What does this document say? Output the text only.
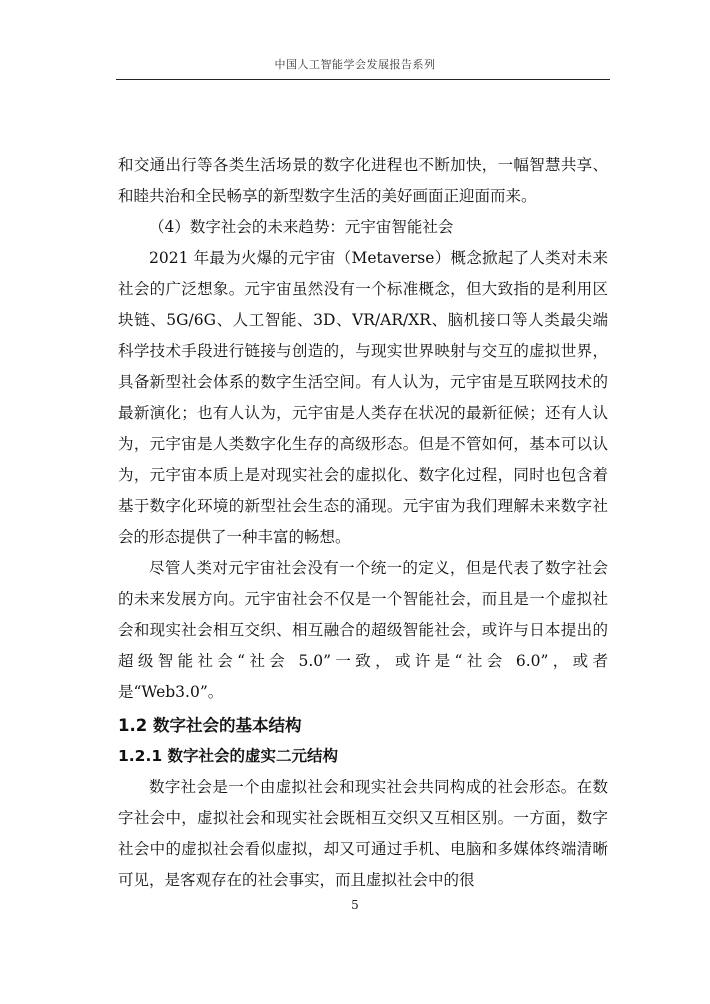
中国人工智能学会发展报告系列

和交通出行等各类生活场景的数字化进程也不断加快，一幅智慧共享、和睦共治和全民畅享的新型数字生活的美好画面正迎面而来。

（4）数字社会的未来趋势：元宇宙智能社会

2021 年最为火爆的元宇宙（Metaverse）概念掀起了人类对未来社会的广泛想象。元宇宙虽然没有一个标准概念，但大致指的是利用区块链、5G/6G、人工智能、3D、VR/AR/XR、脑机接口等人类最尖端科学技术手段进行链接与创造的，与现实世界映射与交互的虚拟世界，具备新型社会体系的数字生活空间。有人认为，元宇宙是互联网技术的最新演化；也有人认为，元宇宙是人类存在状况的最新征候；还有人认为，元宇宙是人类数字化生存的高级形态。但是不管如何，基本可以认为，元宇宙本质上是对现实社会的虚拟化、数字化过程，同时也包含着基于数字化环境的新型社会生态的涌现。元宇宙为我们理解未来数字社会的形态提供了一种丰富的畅想。

尽管人类对元宇宙社会没有一个统一的定义，但是代表了数字社会的未来发展方向。元宇宙社会不仅是一个智能社会，而且是一个虚拟社会和现实社会相互交织、相互融合的超级智能社会，或许与日本提出的超级智能社会“社会 5.0”一致，或许是“社会 6.0”，或者是“Web3.0”。

1.2 数字社会的基本结构

1.2.1 数字社会的虚实二元结构

数字社会是一个由虚拟社会和现实社会共同构成的社会形态。在数字社会中，虚拟社会和现实社会既相互交织又互相区别。一方面，数字社会中的虚拟社会看似虚拟，却又可通过手机、电脑和多媒体终端清晰可见，是客观存在的社会事实，而且虚拟社会中的很

5
